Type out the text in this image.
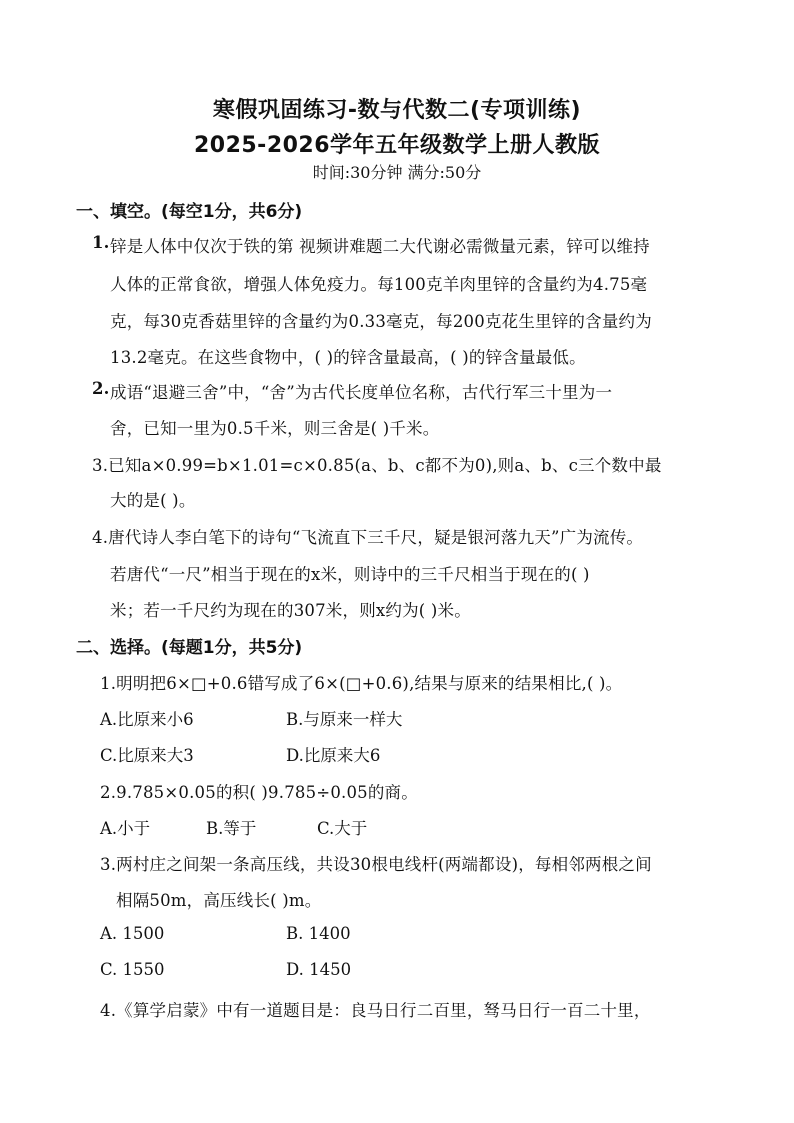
寒假巩固练习-数与代数二(专项训练)
2025-2026学年五年级数学上册人教版
时间:30分钟 满分:50分
一、填空。(每空1分，共6分)
1. 锌是人体中仅次于铁的第 视频讲难题二大代谢必需微量元素，锌可以维持
人体的正常食欲，增强人体免疫力。每100克羊肉里锌的含量约为4.75毫
克，每30克香菇里锌的含量约为0.33毫克，每200克花生里锌的含量约为
13.2毫克。在这些食物中，( )的锌含量最高，( )的锌含量最低。
2. 成语“退避三舍”中，“舍”为古代长度单位名称，古代行军三十里为一
舍，已知一里为0.5千米，则三舍是( )千米。
3.已知a×0.99=b×1.01=c×0.85(a、b、c都不为0),则a、b、c三个数中最
大的是( )。
4.唐代诗人李白笔下的诗句“飞流直下三千尺，疑是银河落九天”广为流传。
若唐代“一尺”相当于现在的x米，则诗中的三千尺相当于现在的( )
米；若一千尺约为现在的307米，则x约为( )米。
二、选择。(每题1分，共5分)
1.明明把6×□+0.6错写成了6×(□+0.6),结果与原来的结果相比,( )。
A.比原来小6	B.与原来一样大
C.比原来大3	D.比原来大6
2.9.785×0.05的积( )9.785÷0.05的商。
A.小于	B.等于	C.大于
3.两村庄之间架一条高压线，共设30根电线杆(两端都设)，每相邻两根之间
相隔50m，高压线长( )m。
A. 1500	B. 1400
C. 1550	D. 1450
4.《算学启蒙》中有一道题目是：良马日行二百里，驽马日行一百二十里，
